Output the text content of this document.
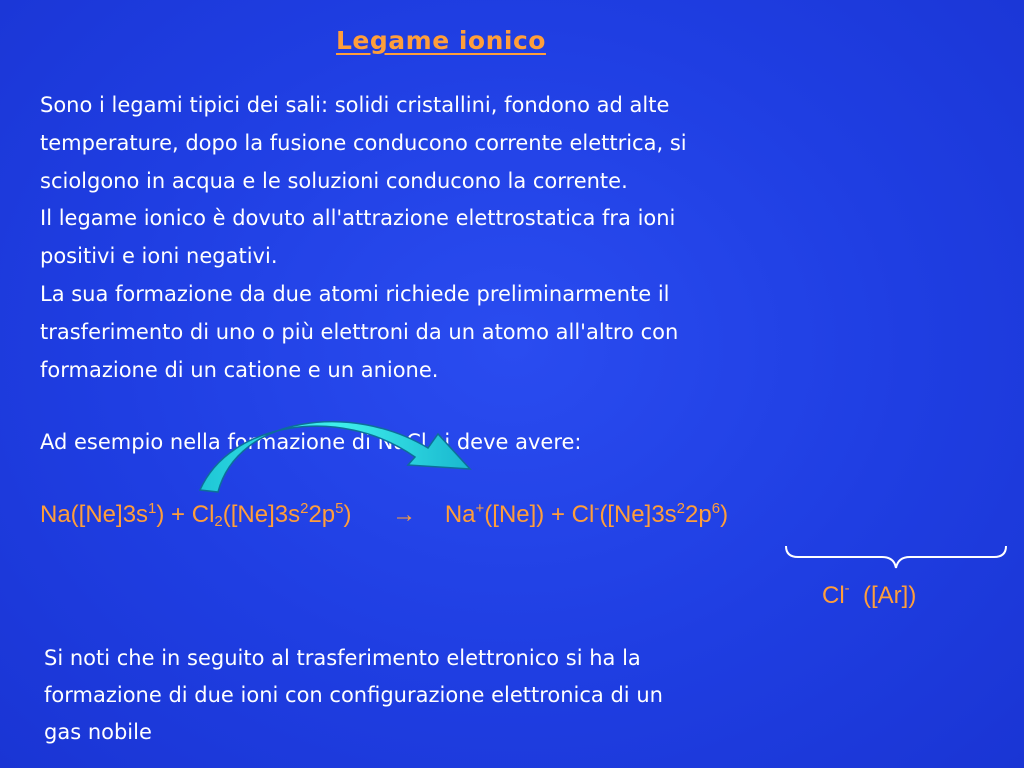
Legame ionico
Sono i legami tipici dei sali: solidi cristallini, fondono ad alte
temperature, dopo la fusione conducono corrente elettrica, si
sciolgono in acqua e le soluzioni conducono la corrente.
Il legame ionico è dovuto all'attrazione elettrostatica fra ioni
positivi e ioni negativi.
La sua formazione da due atomi richiede preliminarmente il
trasferimento di uno o più elettroni da un atomo all'altro con
formazione di un catione e un anione.
Ad esempio nella formazione di NaCl si deve avere:
$Na([Ne]3s^1) + Cl_2([Ne]3s^22p^5) \to Na^+([Ne]) + Cl^-([Ne]3s^22p^6)$
Cl-  ([Ar])
Si noti che in seguito al trasferimento elettronico si ha la
formazione di due ioni con configurazione elettronica di un
gas nobile
